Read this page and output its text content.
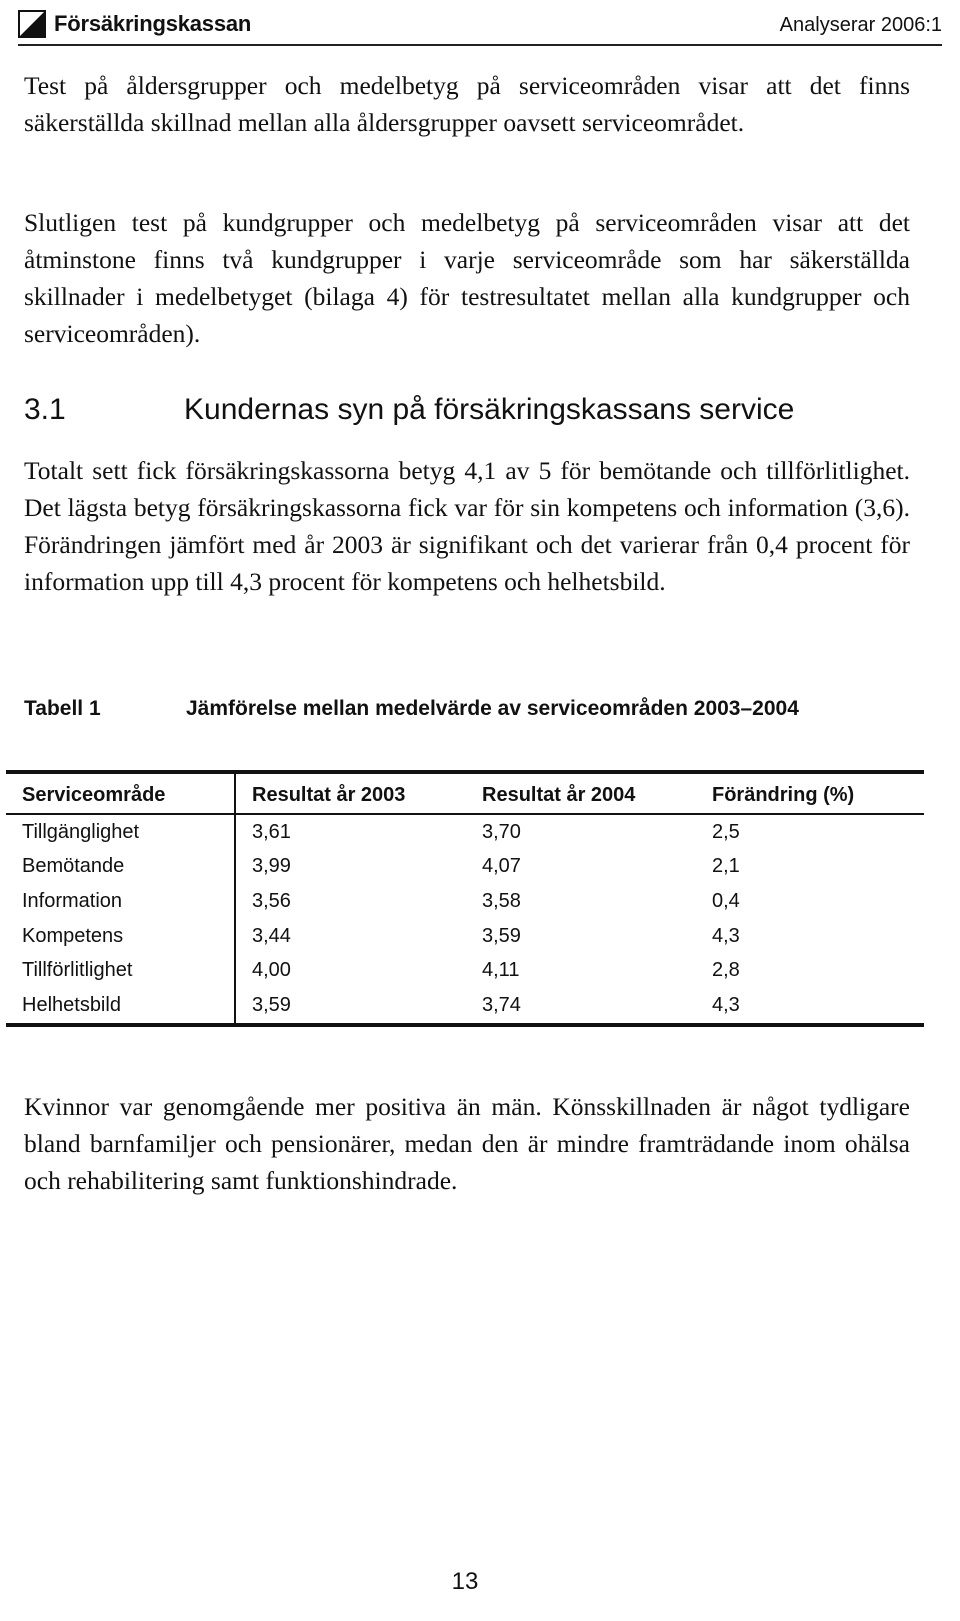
Försäkringskassan	Analyserar 2006:1

Test på åldersgrupper och medelbetyg på serviceområden visar att det finns säkerställda skillnad mellan alla åldersgrupper oavsett serviceområdet.

Slutligen test på kundgrupper och medelbetyg på serviceområden visar att det åtminstone finns två kundgrupper i varje serviceområde som har säkerställda skillnader i medelbetyget (bilaga 4) för testresultatet mellan alla kundgrupper och serviceområden).

3.1	Kundernas syn på försäkringskassans service

Totalt sett fick försäkringskassorna betyg 4,1 av 5 för bemötande och tillförlitlighet. Det lägsta betyg försäkringskassorna fick var för sin kompetens och information (3,6). Förändringen jämfört med år 2003 är signifikant och det varierar från 0,4 procent för information upp till 4,3 procent för kompetens och helhetsbild.

Tabell 1	Jämförelse mellan medelvärde av serviceområden 2003–2004
Serviceområde	Resultat år 2003	Resultat år 2004	Förändring (%)
Tillgänglighet	3,61	3,70	2,5
Bemötande	3,99	4,07	2,1
Information	3,56	3,58	0,4
Kompetens	3,44	3,59	4,3
Tillförlitlighet	4,00	4,11	2,8
Helhetsbild	3,59	3,74	4,3

Kvinnor var genomgående mer positiva än män. Könsskillnaden är något tydligare bland barnfamiljer och pensionärer, medan den är mindre framträdande inom ohälsa och rehabilitering samt funktionshindrade.

13
